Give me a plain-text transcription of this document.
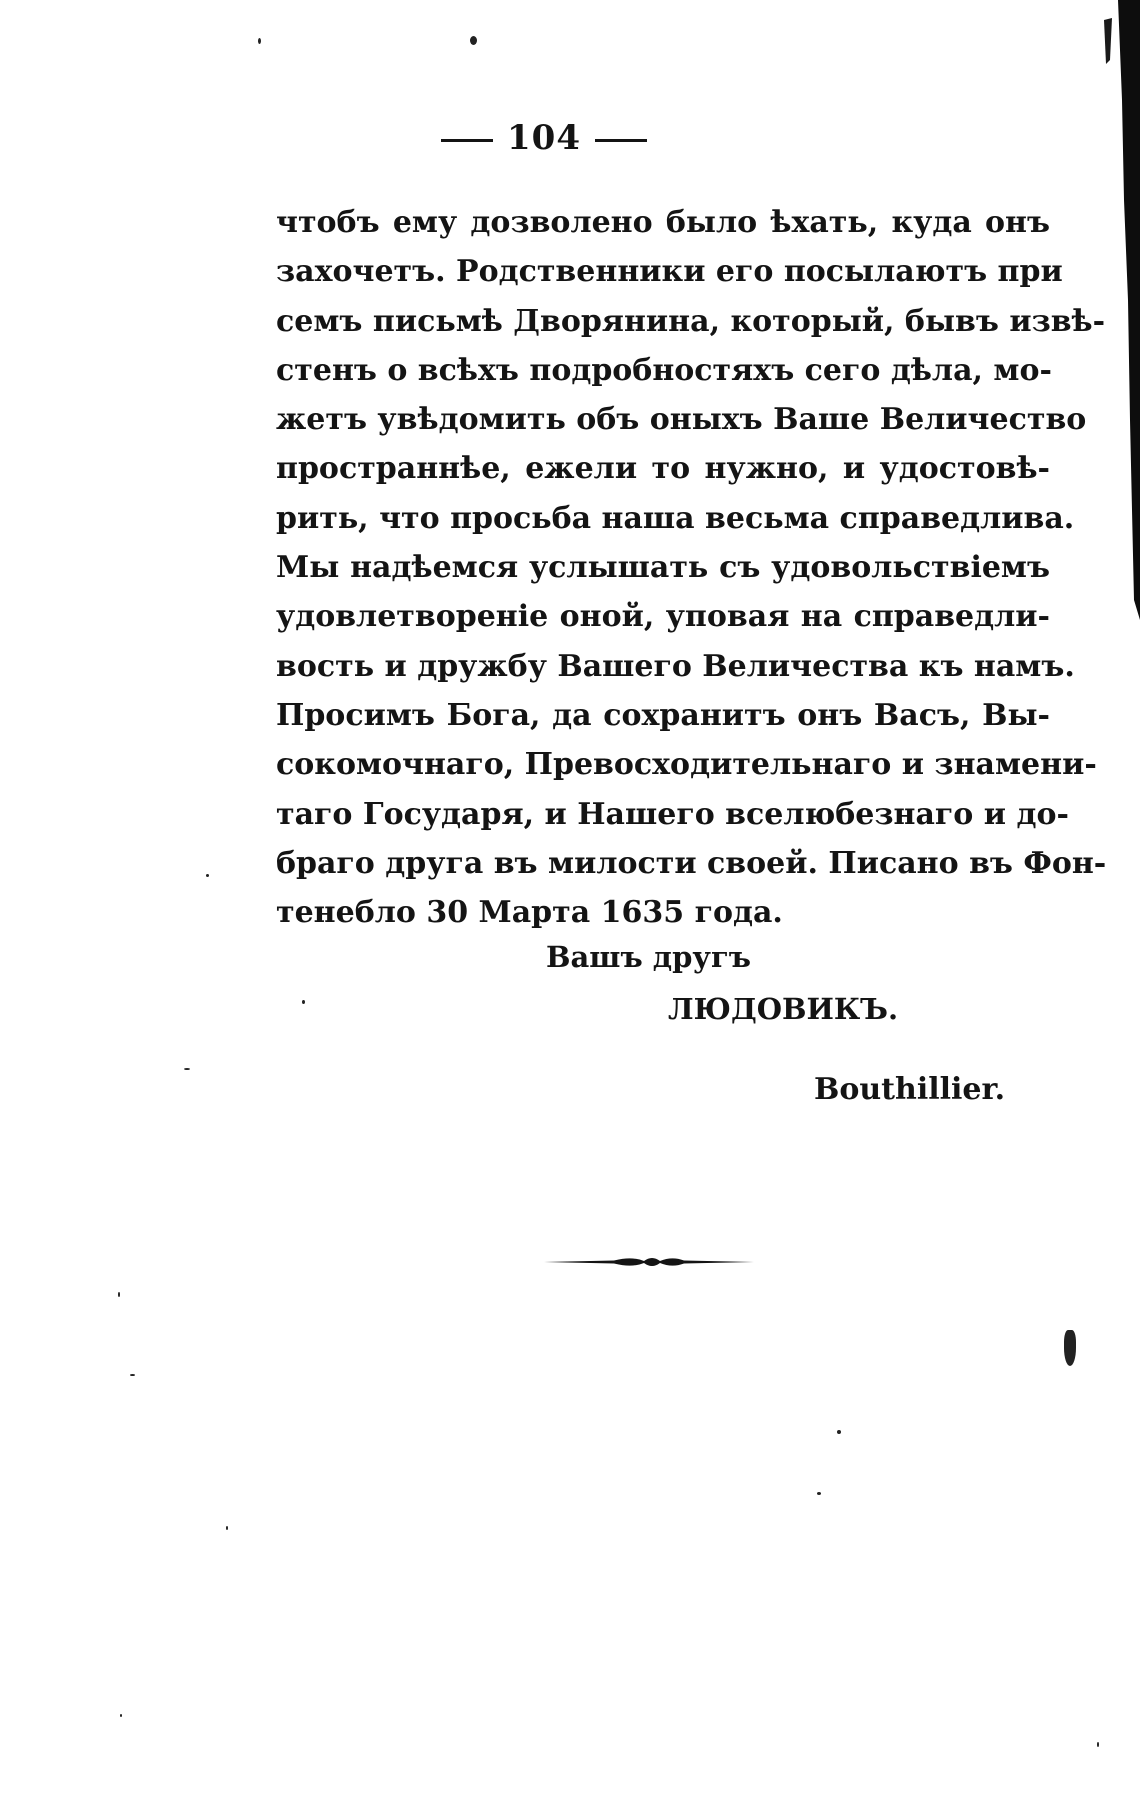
104
чтобъ ему дозволено было ѣхать, куда онъ
захочетъ. Родственники его посылаютъ при
семъ письмѣ Дворянина, который, бывъ извѣ-
стенъ о всѣхъ подробностяхъ сего дѣла, мо-
жетъ увѣдомить объ оныхъ Ваше Величество
пространнѣе, ежели то нужно, и удостовѣ-
рить, что просьба наша весьма справедлива.
Мы надѣемся услышать съ удовольствіемъ
удовлетвореніе оной, уповая на справедли-
вость и дружбу Вашего Величества къ намъ.
Просимъ Бога, да сохранитъ онъ Васъ, Вы-
сокомочнаго, Превосходительнаго и знамени-
таго Государя, и Нашего вселюбезнаго и до-
браго друга въ милости своей. Писано въ Фон-
тенебло 30 Марта 1635 года.
Вашъ другъ
ЛЮДОВИКЪ.
Bouthillier.
